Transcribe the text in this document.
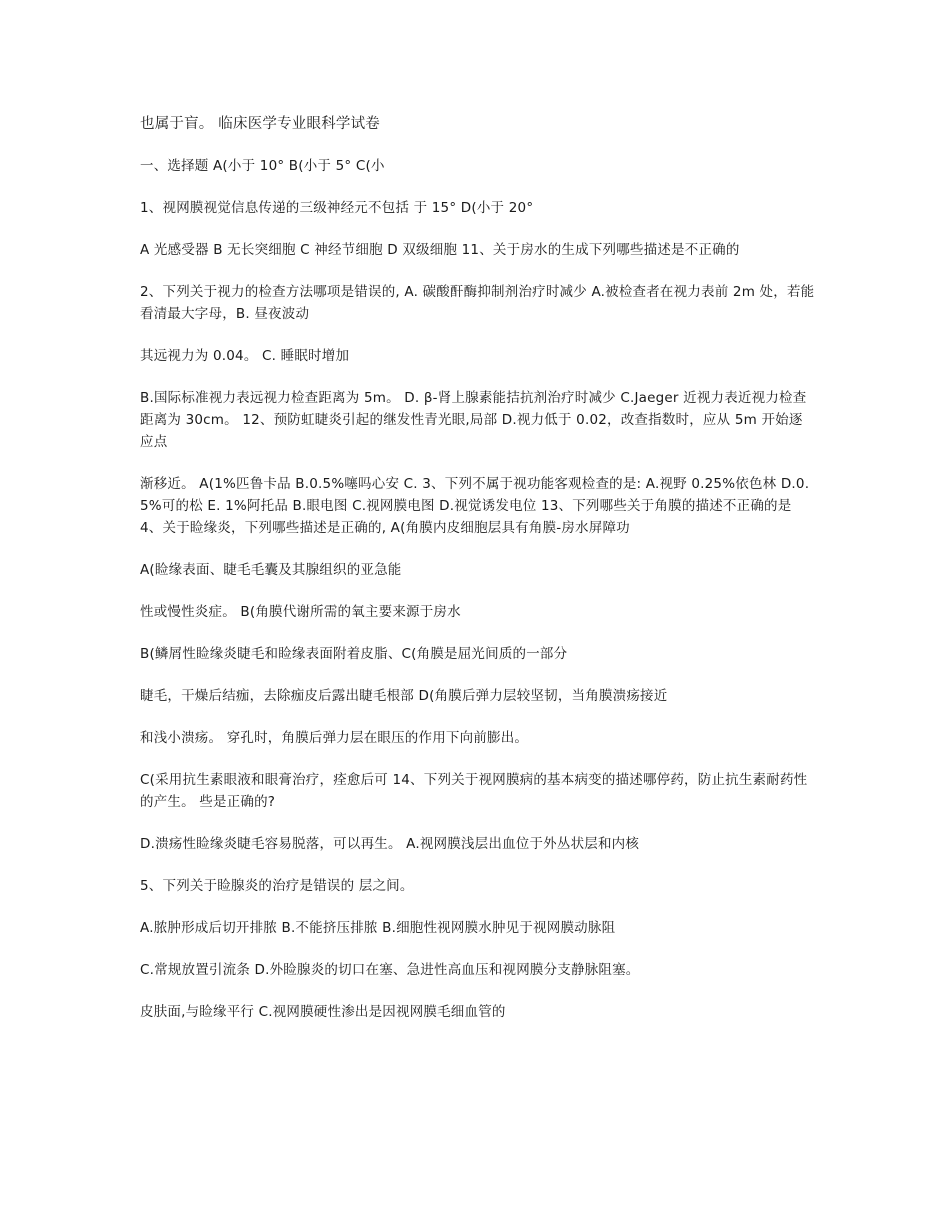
也属于盲。 临床医学专业眼科学试卷

一、选择题 A(小于 10° B(小于 5° C(小

1、视网膜视觉信息传递的三级神经元不包括 于 15° D(小于 20°

A 光感受器 B 无长突细胞 C 神经节细胞 D 双级细胞 11、关于房水的生成下列哪些描述是不正确的

2、下列关于视力的检查方法哪项是错误的, A. 碳酸酐酶抑制剂治疗时减少 A.被检查者在视力表前 2m 处，若能看清最大字母，B. 昼夜波动

其远视力为 0.04。 C. 睡眠时增加

B.国际标准视力表远视力检查距离为 5m。 D. β-肾上腺素能拮抗剂治疗时减少 C.Jaeger 近视力表近视力检查距离为 30cm。 12、预防虹睫炎引起的继发性青光眼,局部 D.视力低于 0.02，改查指数时，应从 5m 开始逐应点

渐移近。 A(1%匹鲁卡品 B.0.5%噻吗心安 C. 3、下列不属于视功能客观检查的是: A.视野 0.25%依色林 D.0.5%可的松 E. 1%阿托品 B.眼电图 C.视网膜电图 D.视觉诱发电位 13、下列哪些关于角膜的描述不正确的是 4、关于睑缘炎，下列哪些描述是正确的, A(角膜内皮细胞层具有角膜-房水屏障功

A(睑缘表面、睫毛毛囊及其腺组织的亚急能

性或慢性炎症。 B(角膜代谢所需的氧主要来源于房水

B(鳞屑性睑缘炎睫毛和睑缘表面附着皮脂、C(角膜是屈光间质的一部分

睫毛，干燥后结痂，去除痂皮后露出睫毛根部 D(角膜后弹力层较坚韧，当角膜溃疡接近

和浅小溃疡。 穿孔时，角膜后弹力层在眼压的作用下向前膨出。

C(采用抗生素眼液和眼膏治疗，痊愈后可 14、下列关于视网膜病的基本病变的描述哪停药，防止抗生素耐药性的产生。 些是正确的?

D.溃疡性睑缘炎睫毛容易脱落，可以再生。 A.视网膜浅层出血位于外丛状层和内核

5、下列关于睑腺炎的治疗是错误的 层之间。

A.脓肿形成后切开排脓 B.不能挤压排脓 B.细胞性视网膜水肿见于视网膜动脉阻

C.常规放置引流条 D.外睑腺炎的切口在塞、急进性高血压和视网膜分支静脉阻塞。

皮肤面,与睑缘平行 C.视网膜硬性渗出是因视网膜毛细血管的
